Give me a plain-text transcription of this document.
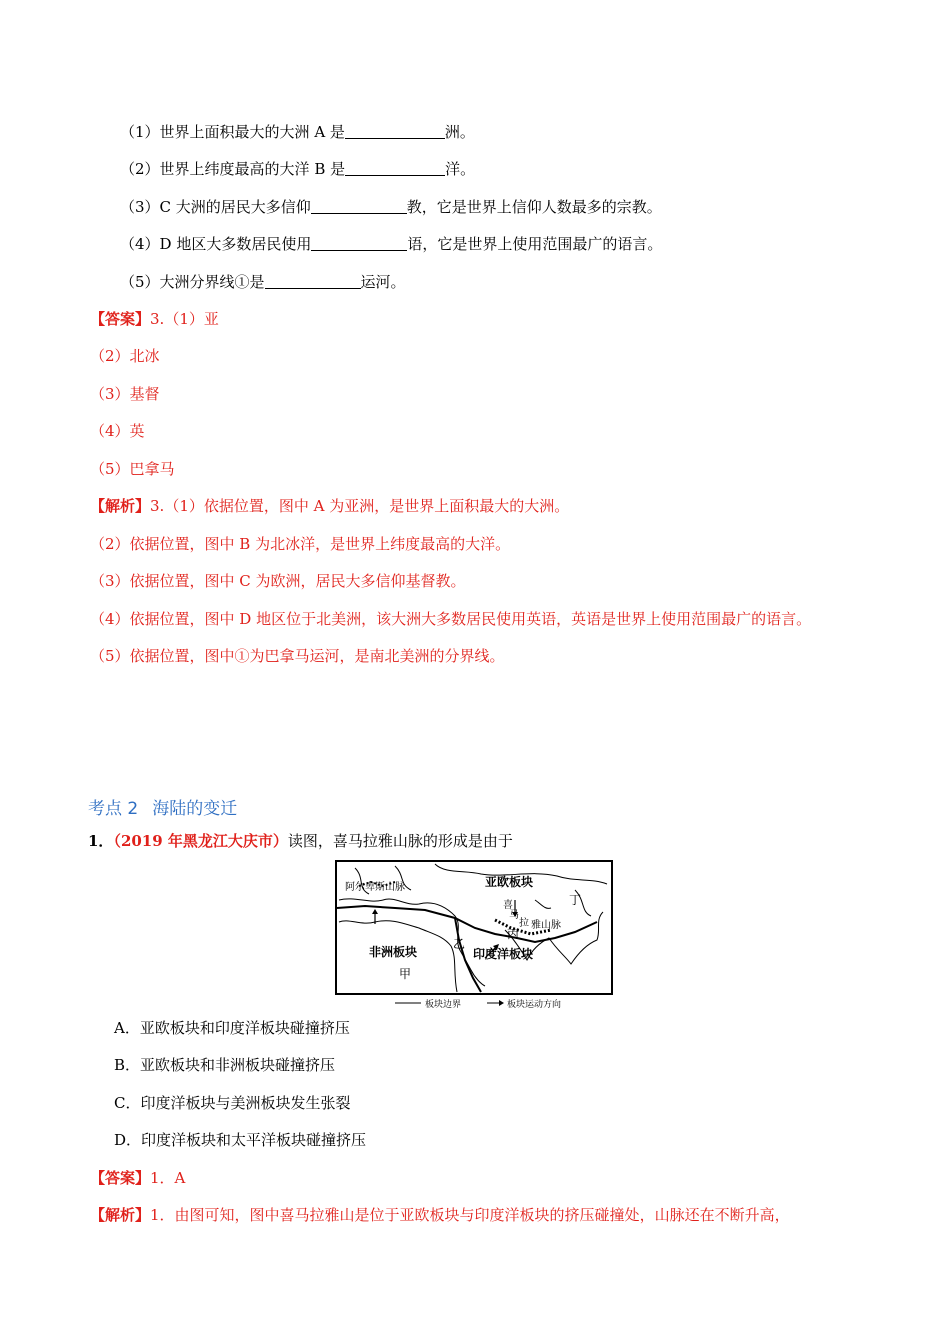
（1）世界上面积最大的大洲 A 是	洲。
（2）世界上纬度最高的大洋 B 是	洋。
（3）C 大洲的居民大多信仰	教，它是世界上信仰人数最多的宗教。
（4）D 地区大多数居民使用	语，它是世界上使用范围最广的语言。
（5）大洲分界线①是	运河。
【答案】3.（1）亚
（2）北冰
（3）基督
（4）英
（5）巴拿马
【解析】3.（1）依据位置，图中 A 为亚洲，是世界上面积最大的大洲。
（2）依据位置，图中 B 为北冰洋，是世界上纬度最高的大洋。
（3）依据位置，图中 C 为欧洲，居民大多信仰基督教。
（4）依据位置，图中 D 地区位于北美洲，该大洲大多数居民使用英语，英语是世界上使用范围最广的语言。
（5）依据位置，图中①为巴拿马运河，是南北美洲的分界线。
考点 2 海陆的变迁
1．（2019 年黑龙江大庆市）读图，喜马拉雅山脉的形成是由于
阿尔卑斯山脉	亚欧板块
丁
喜
马
拉 雅山脉
丙
乙
非洲板块	印度洋板块
甲
板块边界	板块运动方向
A．亚欧板块和印度洋板块碰撞挤压
B．亚欧板块和非洲板块碰撞挤压
C．印度洋板块与美洲板块发生张裂
D．印度洋板块和太平洋板块碰撞挤压
【答案】1．A
【解析】1．由图可知，图中喜马拉雅山是位于亚欧板块与印度洋板块的挤压碰撞处，山脉还在不断升高，
